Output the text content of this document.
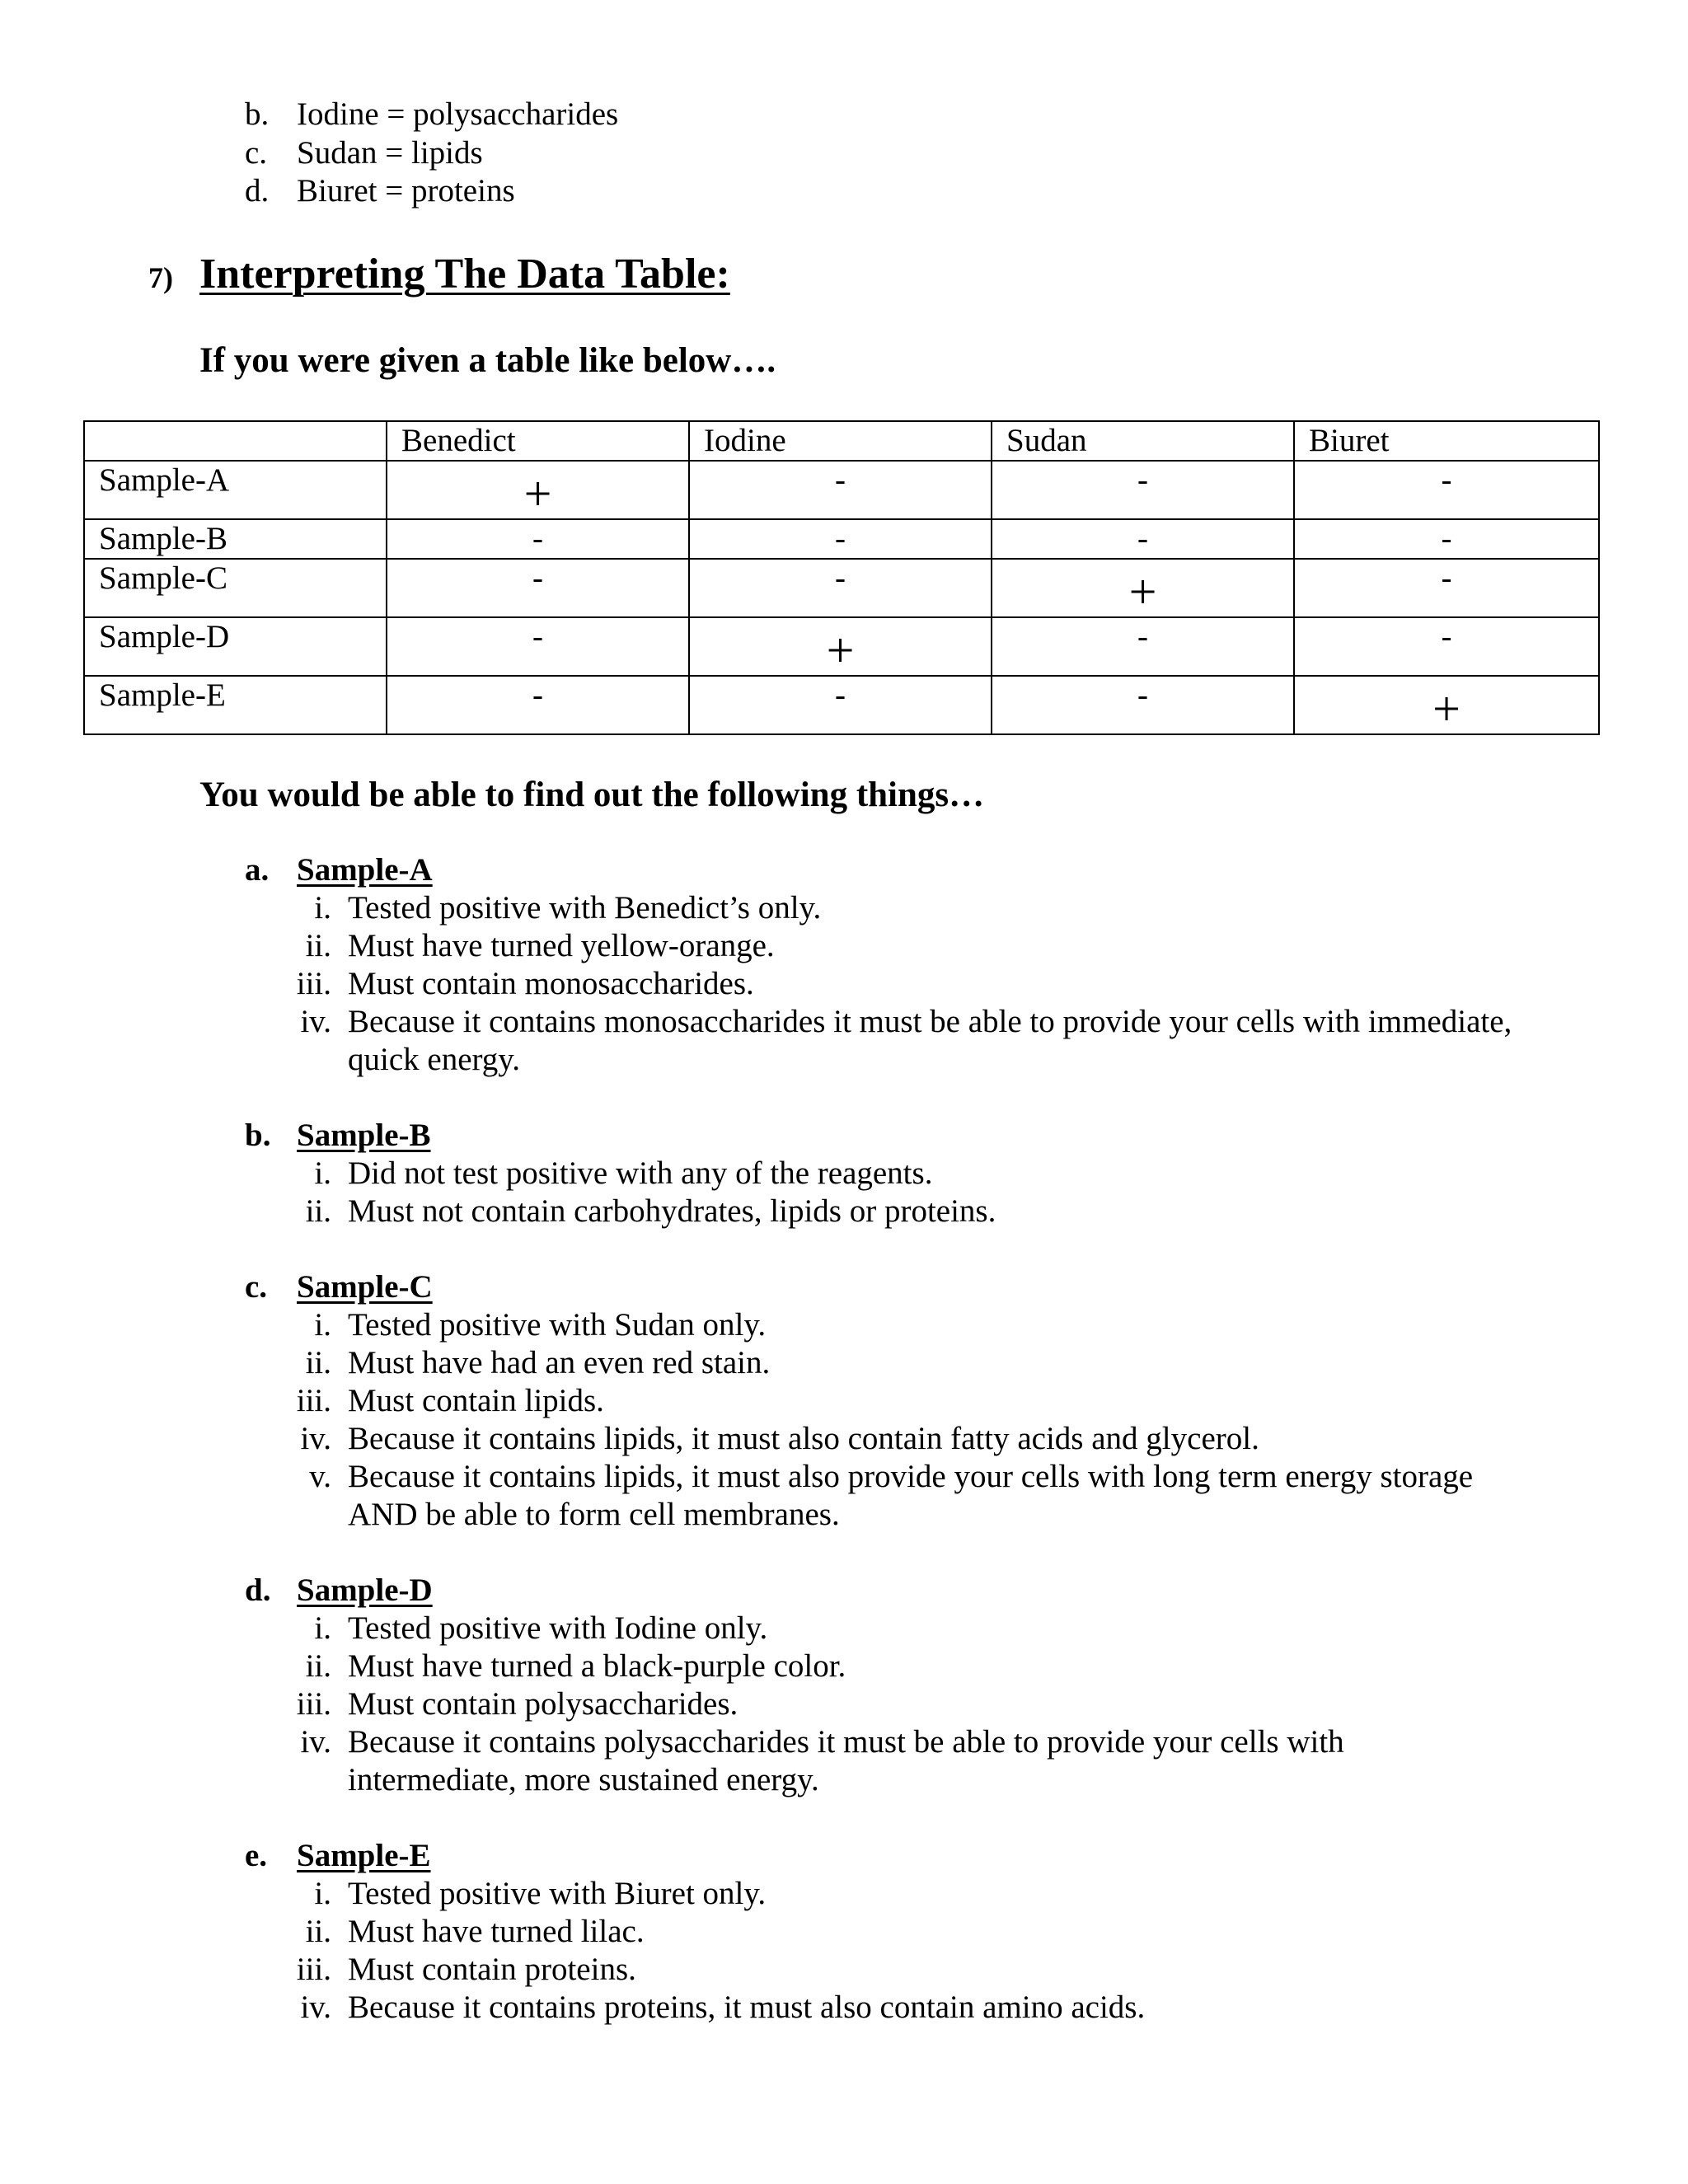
b. Iodine = polysaccharides
c. Sudan = lipids
d. Biuret = proteins
7) Interpreting The Data Table:
If you were given a table like below….
	Benedict	Iodine	Sudan	Biuret
Sample-A	+	-	-	-
Sample-B	-	-	-	-
Sample-C	-	-	+	-
Sample-D	-	+	-	-
Sample-E	-	-	-	+
You would be able to find out the following things…
a. Sample-A
i. Tested positive with Benedict’s only.
ii. Must have turned yellow-orange.
iii. Must contain monosaccharides.
iv. Because it contains monosaccharides it must be able to provide your cells with immediate, quick energy.
b. Sample-B
i. Did not test positive with any of the reagents.
ii. Must not contain carbohydrates, lipids or proteins.
c. Sample-C
i. Tested positive with Sudan only.
ii. Must have had an even red stain.
iii. Must contain lipids.
iv. Because it contains lipids, it must also contain fatty acids and glycerol.
v. Because it contains lipids, it must also provide your cells with long term energy storage AND be able to form cell membranes.
d. Sample-D
i. Tested positive with Iodine only.
ii. Must have turned a black-purple color.
iii. Must contain polysaccharides.
iv. Because it contains polysaccharides it must be able to provide your cells with intermediate, more sustained energy.
e. Sample-E
i. Tested positive with Biuret only.
ii. Must have turned lilac.
iii. Must contain proteins.
iv. Because it contains proteins, it must also contain amino acids.
